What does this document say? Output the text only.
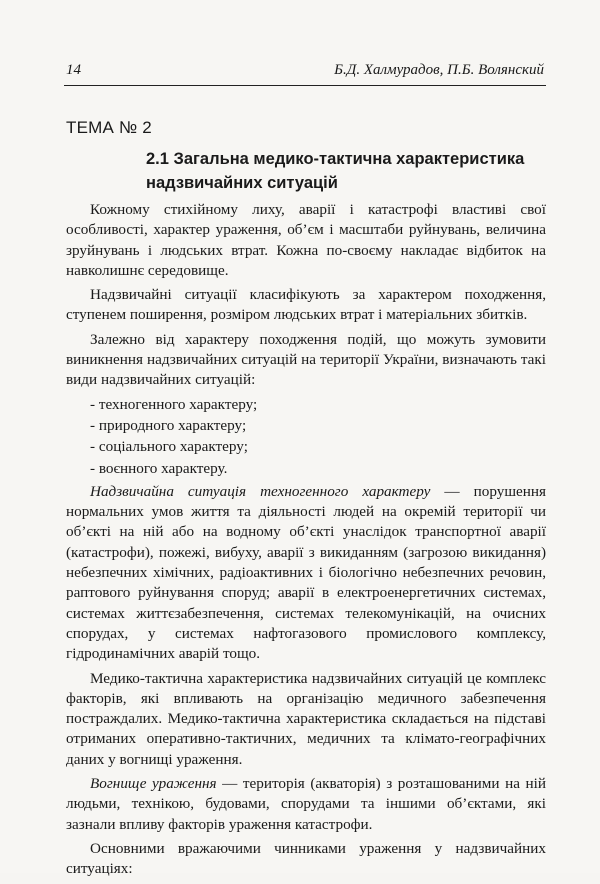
14	Б.Д. Халмурадов, П.Б. Волянский
ТЕМА № 2
2.1 Загальна медико-тактична характеристика надзвичайних ситуацій

Кожному стихійному лиху, аварії і катастрофі властиві свої особливості, характер ураження, об’єм і масштаби руйнувань, величина зруйнувань і людських втрат. Кожна по-своєму накладає відбиток на навколишнє середовище.

Надзвичайні ситуації класифікують за характером походження, ступенем поширення, розміром людських втрат і матеріальних збитків.

Залежно від характеру походження подій, що можуть зумовити виникнення надзвичайних ситуацій на території України, визначають такі види надзвичайних ситуацій:

- техногенного характеру;

- природного характеру;

- соціального характеру;

- воєнного характеру.

Надзвичайна ситуація техногенного характеру — порушення нормальних умов життя та діяльності людей на окремій території чи об’єкті на ній або на водному об’єкті унаслідок транспортної аварії (катастрофи), пожежі, вибуху, аварії з викиданням (загрозою викидання) небезпечних хімічних, радіоактивних і біологічно небезпечних речовин, раптового руйнування споруд; аварії в електроенергетичних системах, системах життєзабезпечення, системах телекомунікацій, на очисних спорудах, у системах нафтогазового промислового комплексу, гідродинамічних аварій тощо.

Медико-тактична характеристика надзвичайних ситуацій це комплекс факторів, які впливають на організацію медичного забезпечення постраждалих. Медико-тактична характеристика складається на підставі отриманих оперативно-тактичних, медичних та клімато-географічних даних у вогнищі ураження.

Вогнище ураження — територія (акваторія) з розташованими на ній людьми, технікою, будовами, спорудами та іншими об’єктами, які зазнали впливу факторів ураження катастрофи.

Основними вражаючими чинниками ураження у надзвичайних ситуаціях:
